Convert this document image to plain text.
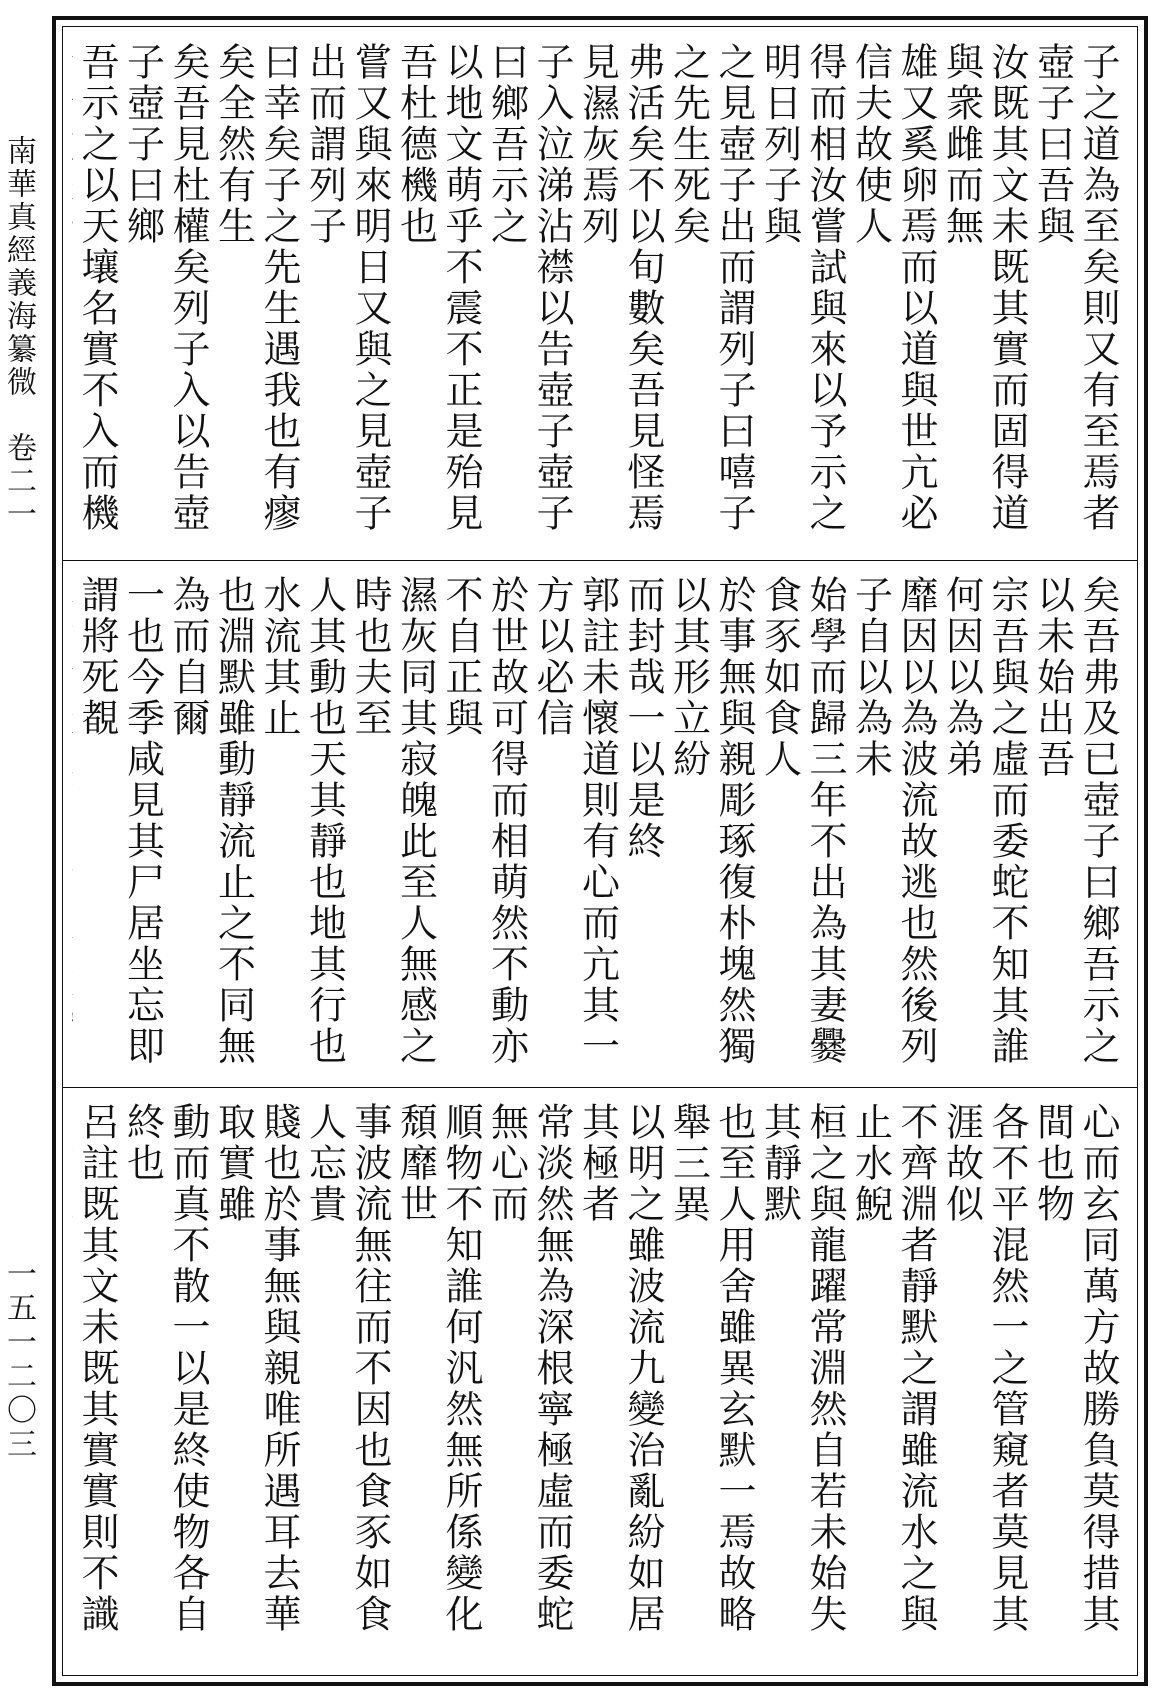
南華真經義海纂微　卷二一
一五一二〇三
子之道為至矣則又有至焉者壺子曰吾與
汝既其文未既其實而固得道與衆雌而無
雄又奚卵焉而以道與世亢必信夫故使人
得而相汝嘗試與來以予示之明日列子與
之見壺子出而謂列子曰嘻子之先生死矣
弗活矣不以旬數矣吾見怪焉見濕灰焉列
子入泣涕沾襟以告壺子壺子曰鄉吾示之
以地文萌乎不震不正是殆見吾杜德機也
嘗又與來明日又與之見壺子出而謂列子
曰幸矣子之先生遇我也有瘳矣全然有生
矣吾見杜權矣列子入以告壺子壺子曰鄉
吾示之以天壤名實不入而機

矣吾弗及已壺子曰鄉吾示之以未始出吾
宗吾與之虛而委蛇不知其誰何因以為弟
靡因以為波流故逃也然後列子自以為未
始學而歸三年不出為其妻爨食豕如食人
於事無與親彫琢復朴塊然獨以其形立紛
而封哉一以是終
郭註未懷道則有心而亢其一方以必信
於世故可得而相萌然不動亦不自正與
濕灰同其寂魄此至人無感之時也夫至
人其動也天其靜也地其行也水流其止
也淵默雖動靜流止之不同無為而自爾
一也今季咸見其尸居坐忘即謂將死覩

心而玄同萬方故勝負莫得措其間也物
各不平混然一之管窺者莫見其涯故似
不齊淵者靜默之謂雖流水之與止水鯢
桓之與龍躍常淵然自若未始失其靜默
也至人用舍雖異玄默一焉故略舉三異
以明之雖波流九變治亂紛如居其極者
常淡然無為深根寧極虛而委蛇無心而
順物不知誰何汎然無所係變化頹靡世
事波流無往而不因也食豕如食人忘貴
賤也於事無與親唯所遇耳去華取實雖
動而真不散一以是終使物各自終也
呂註既其文未既其實實則不識
